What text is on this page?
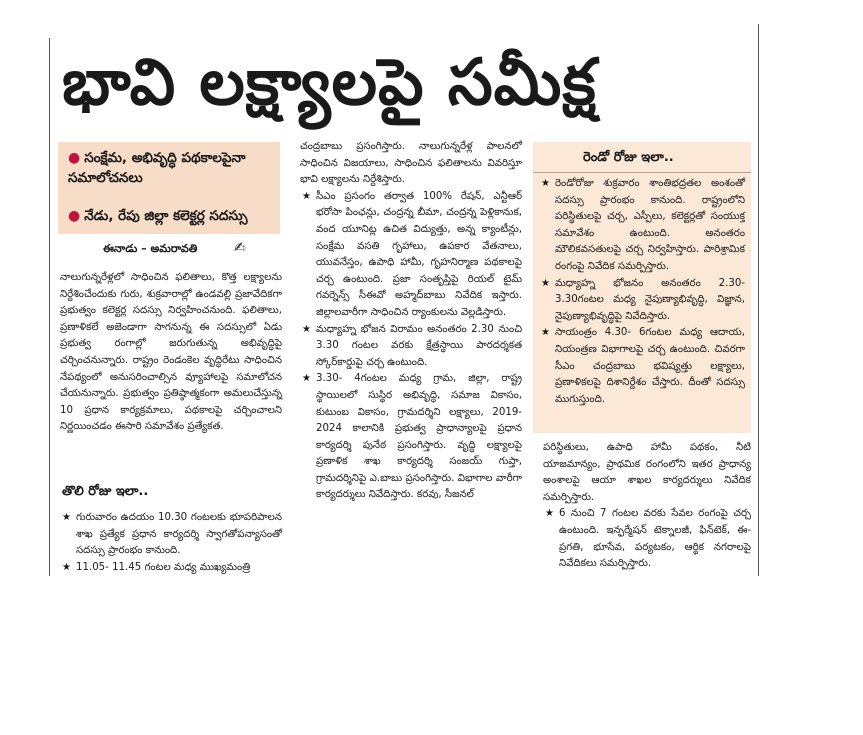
భావి లక్ష్యాలపై సమీక్ష
● సంక్షేమ, అభివృద్ధి పథకాలపైనా సమాలోచనలు
● నేడు, రేపు జిల్లా కలెక్టర్ల సదస్సు
ఈనాడు – అమరావతి	✍

నాలుగున్నరేళ్లలో సాధించిన ఫలితాలు, కొత్త లక్ష్యాలను నిర్దేశించేందుకు గురు, శుక్రవారాల్లో ఉండవల్లి ప్రజావేదికగా ప్రభుత్వం కలెక్టర్ల సదస్సు నిర్వహించనుంది. ఫలితాలు, ప్రణాళికలే అజెండాగా సాగనున్న ఈ సదస్సులో ఏడు ప్రభుత్వ రంగాల్లో జరుగుతున్న అభివృద్ధిపై చర్చించనున్నారు. రాష్ట్రం రెండంకెల వృద్ధిరేటు సాధించిన నేపథ్యంలో అనుసరించాల్సిన వ్యూహాలపై సమాలోచన చేయనున్నారు. ప్రభుత్వం ప్రతిష్ఠాత్మకంగా అమలుచేస్తున్న 10 ప్రధాన కార్యక్రమాలు, పథకాలపై చర్చించాలని నిర్ణయించడం ఈసారి సమావేశం ప్రత్యేకత.

తొలి రోజు ఇలా..
★ గురువారం ఉదయం 10.30 గంటలకు భూపరిపాలన శాఖ ప్రత్యేక ప్రధాన కార్యదర్శి స్వాగతోపన్యాసంతో సదస్సు ప్రారంభం కానుంది.
★ 11.05- 11.45 గంటల మధ్య ముఖ్యమంత్రి

చంద్రబాబు ప్రసంగిస్తారు. నాలుగున్నరేళ్ల పాలనలో సాధించిన విజయాలు, సాధించిన ఫలితాలను వివరిస్తూ భావి లక్ష్యాలను నిర్దేశిస్తారు.

★ సీఎం ప్రసంగం తర్వాత 100% రేషన్, ఎన్టీఆర్ భరోసా పింఛన్లు, చంద్రన్న బీమా, చంద్రన్న పెళ్లికానుక, వంద యూనిట్ల ఉచిత విద్యుత్తు, అన్న క్యాంటీన్లు, సంక్షేమ వసతి గృహాలు, ఉపకార వేతనాలు, యువనేస్తం, ఉపాధి హామీ, గృహనిర్మాణ పథకాలపై చర్చ ఉంటుంది. ప్రజా సంతృప్తిపై రియల్ టైమ్ గవర్నెన్స్ సీఈవో అహ్మద్‌బాబు నివేదిక ఇస్తారు. జిల్లాలవారీగా సాధించిన ర్యాంకులను వెల్లడిస్తారు.
★ మధ్యాహ్న భోజన విరామం అనంతరం 2.30 నుంచి 3.30 గంటల వరకు క్షేత్రస్థాయి పారదర్శకత స్కోర్‌కార్డుపై చర్చ ఉంటుంది.
★ 3.30- 4గంటల మధ్య గ్రామ, జిల్లా, రాష్ట్ర స్థాయిలలో సుస్థిర అభివృద్ధి, సమాజ వికాసం, కుటుంబ వికాసం, గ్రామదర్శిని లక్ష్యాలు, 2019-2024 కాలానికి ప్రభుత్వ ప్రాధాన్యాలపై ప్రధాన కార్యదర్శి పునేఠ ప్రసంగిస్తారు. వృద్ధి లక్ష్యాలపై ప్రణాళిక శాఖ కార్యదర్శి సంజయ్ గుప్తా, గ్రామదర్శినిపై ఎ.బాబు ప్రసంగిస్తారు. విభాగాల వారీగా కార్యదర్శులు నివేదిస్తారు. కరవు, సీజనల్
రెండో రోజు ఇలా..
★ రెండోరోజు శుక్రవారం శాంతిభద్రతల అంశంతో సదస్సు ప్రారంభం కానుంది. రాష్ట్రంలోని పరిస్థితులపై చర్చ, ఎస్పీలు, కలెక్టర్లతో సంయుక్త సమావేశం ఉంటుంది. అనంతరం మౌలికవసతులపై చర్చ నిర్వహిస్తారు. పారిశ్రామిక రంగంపై నివేదిక సమర్పిస్తారు.
★ మధ్యాహ్న భోజనం అనంతరం 2.30-3.30గంటల మధ్య నైపుణ్యాభివృద్ధి, విజ్ఞాన, నైపుణ్యాభివృద్ధిపై నివేదిస్తారు.
★ సాయంత్రం 4.30- 6గంటల మధ్య ఆదాయ, నియంత్రణ విభాగాలపై చర్చ ఉంటుంది. చివరగా సీఎం చంద్రబాబు భవిష్యత్తు లక్ష్యాలు, ప్రణాళికలపై దిశానిర్దేశం చేస్తారు. దీంతో సదస్సు ముగుస్తుంది.

పరిస్థితులు, ఉపాధి హామీ పథకం, నీటి యాజమాన్యం, ప్రాథమిక రంగంలోని ఇతర ప్రాధాన్య అంశాలపై ఆయా శాఖల కార్యదర్శులు నివేదిక సమర్పిస్తారు.

★ 6 నుంచి 7 గంటల వరకు సేవల రంగంపై చర్చ ఉంటుంది. ఇన్ఫర్మేషన్ టెక్నాలజీ, ఫిన్‌టెక్, ఈ-ప్రగతి, భూసేవ, పర్యటకం, ఆర్థిక నగరాలపై నివేదికలు సమర్పిస్తారు.
